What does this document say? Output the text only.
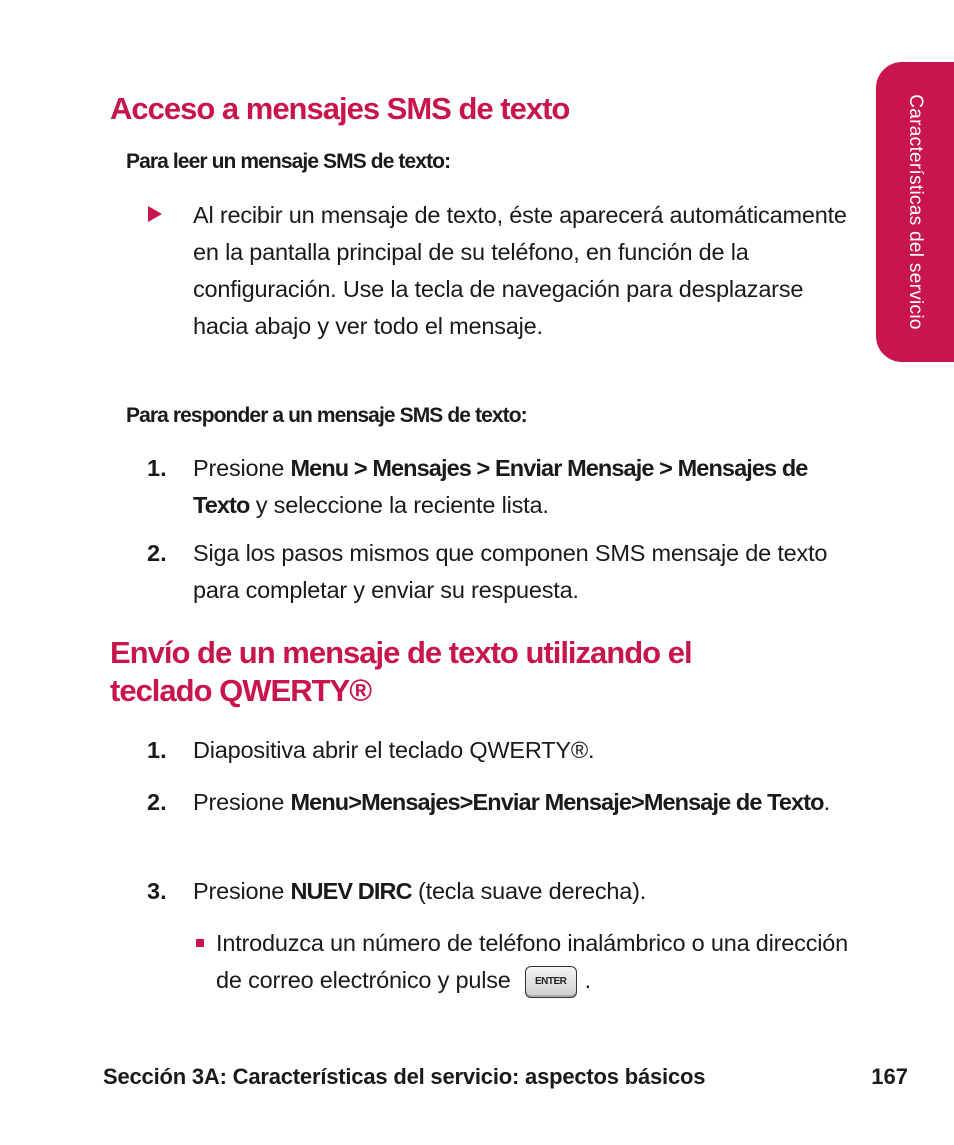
Características del servicio
Acceso a mensajes SMS de texto
Para leer un mensaje SMS de texto:

Al recibir un mensaje de texto, éste aparecerá automáticamente en la pantalla principal de su teléfono, en función de la configuración. Use la tecla de navegación para desplazarse hacia abajo y ver todo el mensaje.

Para responder a un mensaje SMS de texto:
1. Presione Menu > Mensajes > Enviar Mensaje > Mensajes de Texto y seleccione la reciente lista.

2. Siga los pasos mismos que componen SMS mensaje de texto para completar y enviar su respuesta.

Envío de un mensaje de texto utilizando el
teclado QWERTY®
1. Diapositiva abrir el teclado QWERTY®.

2. Presione Menu>Mensajes>Enviar Mensaje>Mensaje de Texto.

3. Presione NUEV DIRC (tecla suave derecha).

Introduzca un número de teléfono inalámbrico o una dirección de correo electrónico y pulse ENTER .

Sección 3A: Características del servicio: aspectos básicos	167
